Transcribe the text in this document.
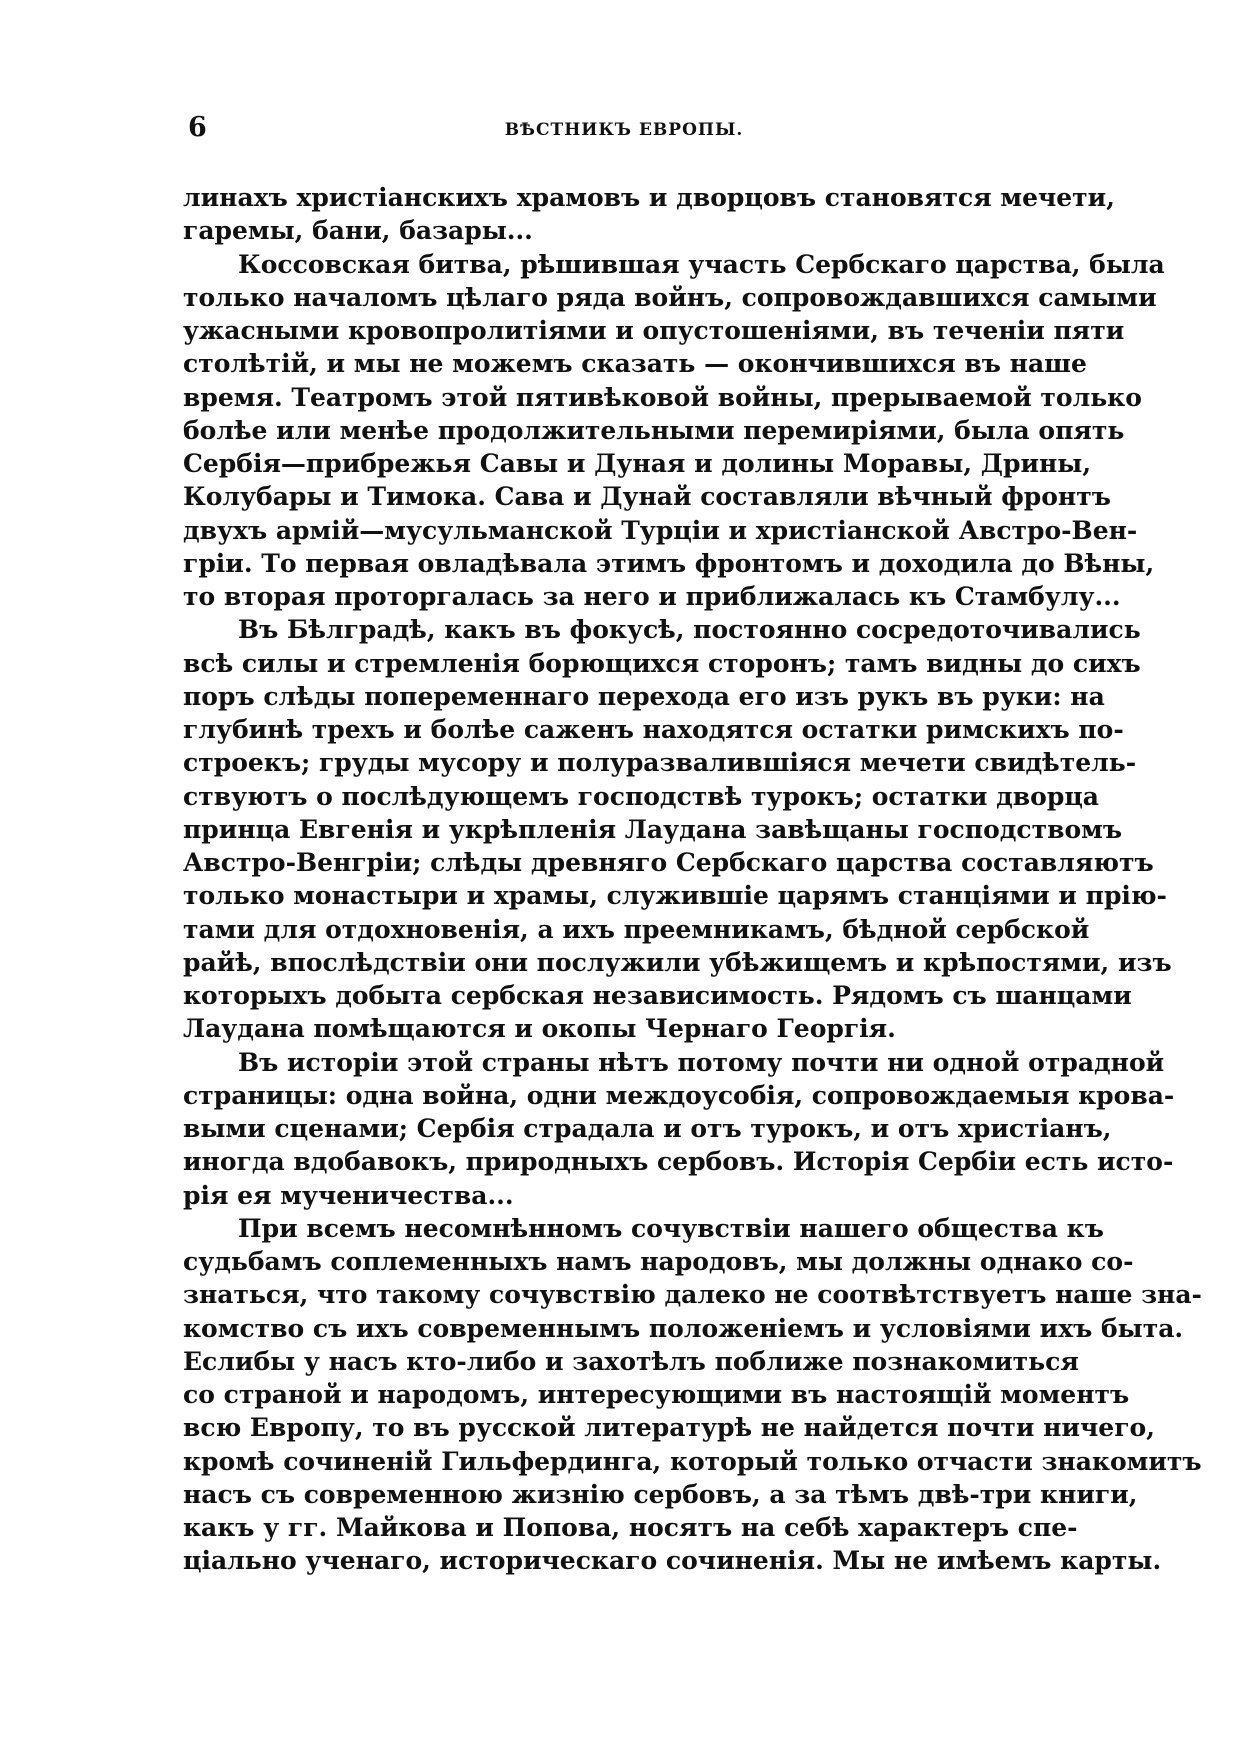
6	ВѢСТНИКЪ ЕВРОПЫ.
линахъ христіанскихъ храмовъ и дворцовъ становятся мечети,
гаремы, бани, базары...
Коссовская битва, рѣшившая участь Сербскаго царства, была
только началомъ цѣлаго ряда войнъ, сопровождавшихся самыми
ужасными кровопролитіями и опустошеніями, въ теченіи пяти
столѣтій, и мы не можемъ сказать — окончившихся въ наше
время. Театромъ этой пятивѣковой войны, прерываемой только
болѣе или менѣе продолжительными перемиріями, была опять
Сербія—прибрежья Савы и Дуная и долины Моравы, Дрины,
Колубары и Тимока. Сава и Дунай составляли вѣчный фронтъ
двухъ армій—мусульманской Турціи и христіанской Австро-Вен-
гріи. То первая овладѣвала этимъ фронтомъ и доходила до Вѣны,
то вторая проторгалась за него и приближалась къ Стамбулу...
Въ Бѣлградѣ, какъ въ фокусѣ, постоянно сосредоточивались
всѣ силы и стремленія борющихся сторонъ; тамъ видны до сихъ
поръ слѣды попеременнаго перехода его изъ рукъ въ руки: на
глубинѣ трехъ и болѣе саженъ находятся остатки римскихъ по-
строекъ; груды мусору и полуразвалившіяся мечети свидѣтель-
ствуютъ о послѣдующемъ господствѣ турокъ; остатки дворца
принца Евгенія и укрѣпленія Лаудана завѣщаны господствомъ
Австро-Венгріи; слѣды древняго Сербскаго царства составляютъ
только монастыри и храмы, служившіе царямъ станціями и прію-
тами для отдохновенія, а ихъ преемникамъ, бѣдной сербской
райѣ, впослѣдствіи они послужили убѣжищемъ и крѣпостями, изъ
которыхъ добыта сербская независимость. Рядомъ съ шанцами
Лаудана помѣщаются и окопы Чернаго Георгія.
Въ исторіи этой страны нѣтъ потому почти ни одной отрадной
страницы: одна война, одни междоусобія, сопровождаемыя крова-
выми сценами; Сербія страдала и отъ турокъ, и отъ христіанъ,
иногда вдобавокъ, природныхъ сербовъ. Исторія Сербіи есть исто-
рія ея мученичества...
При всемъ несомнѣнномъ сочувствіи нашего общества къ
судьбамъ соплеменныхъ намъ народовъ, мы должны однако со-
знаться, что такому сочувствію далеко не соотвѣтствуетъ наше зна-
комство съ ихъ современнымъ положеніемъ и условіями ихъ быта.
Еслибы у насъ кто-либо и захотѣлъ поближе познакомиться
со страной и народомъ, интересующими въ настоящій моментъ
всю Европу, то въ русской литературѣ не найдется почти ничего,
кромѣ сочиненій Гильфердинга, который только отчасти знакомитъ
насъ съ современною жизнію сербовъ, а за тѣмъ двѣ-три книги,
какъ у гг. Майкова и Попова, носятъ на себѣ характеръ спе-
ціально ученаго, историческаго сочиненія. Мы не имѣемъ карты.
